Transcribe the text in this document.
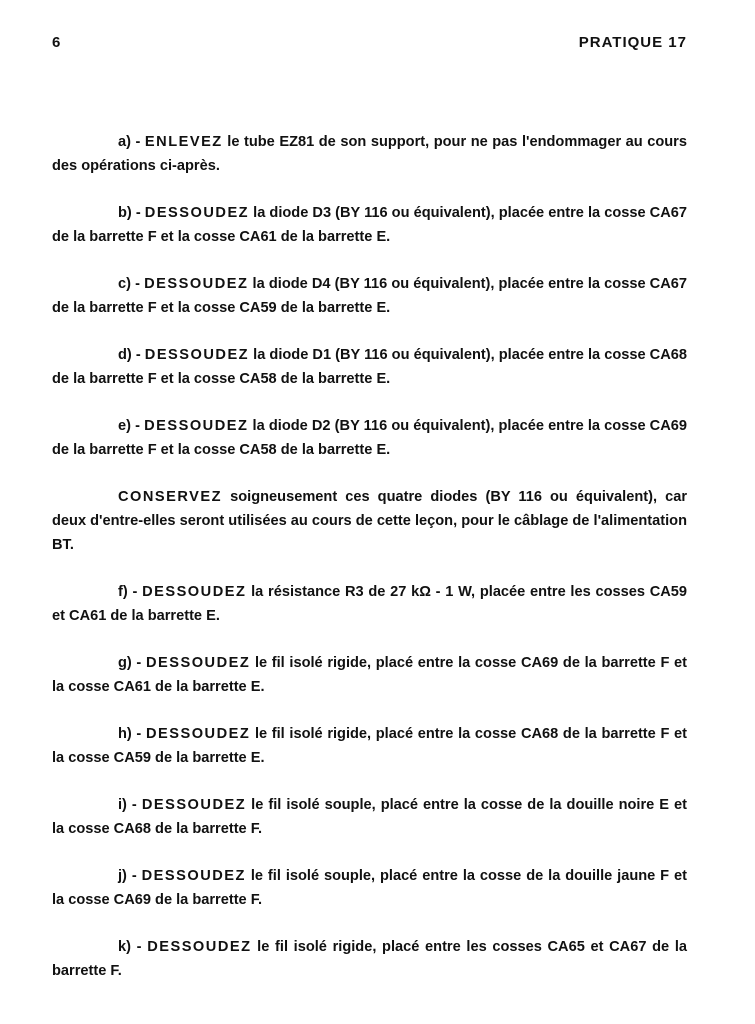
6	PRATIQUE 17

a) - ENLEVEZ le tube EZ81 de son support, pour ne pas l'endommager au cours des opérations ci-après.

b) - DESSOUDEZ la diode D3 (BY 116 ou équivalent), placée entre la cosse CA67 de la barrette F et la cosse CA61 de la barrette E.

c) - DESSOUDEZ la diode D4 (BY 116 ou équivalent), placée entre la cosse CA67 de la barrette F et la cosse CA59 de la barrette E.

d) - DESSOUDEZ la diode D1 (BY 116 ou équivalent), placée entre la cosse CA68 de la barrette F et la cosse CA58 de la barrette E.

e) - DESSOUDEZ la diode D2 (BY 116 ou équivalent), placée entre la cosse CA69 de la barrette F et la cosse CA58 de la barrette E.

CONSERVEZ soigneusement ces quatre diodes (BY 116 ou équivalent), car deux d'entre-elles seront utilisées au cours de cette leçon, pour le câblage de l'alimentation BT.

f) - DESSOUDEZ la résistance R3 de 27 kΩ - 1 W, placée entre les cosses CA59 et CA61 de la barrette E.

g) - DESSOUDEZ le fil isolé rigide, placé entre la cosse CA69 de la barrette F et la cosse CA61 de la barrette E.

h) - DESSOUDEZ le fil isolé rigide, placé entre la cosse CA68 de la barrette F et la cosse CA59 de la barrette E.

i) - DESSOUDEZ le fil isolé souple, placé entre la cosse de la douille noire E et la cosse CA68 de la barrette F.

j) - DESSOUDEZ le fil isolé souple, placé entre la cosse de la douille jaune F et la cosse CA69 de la barrette F.

k) - DESSOUDEZ le fil isolé rigide, placé entre les cosses CA65 et CA67 de la barrette F.
